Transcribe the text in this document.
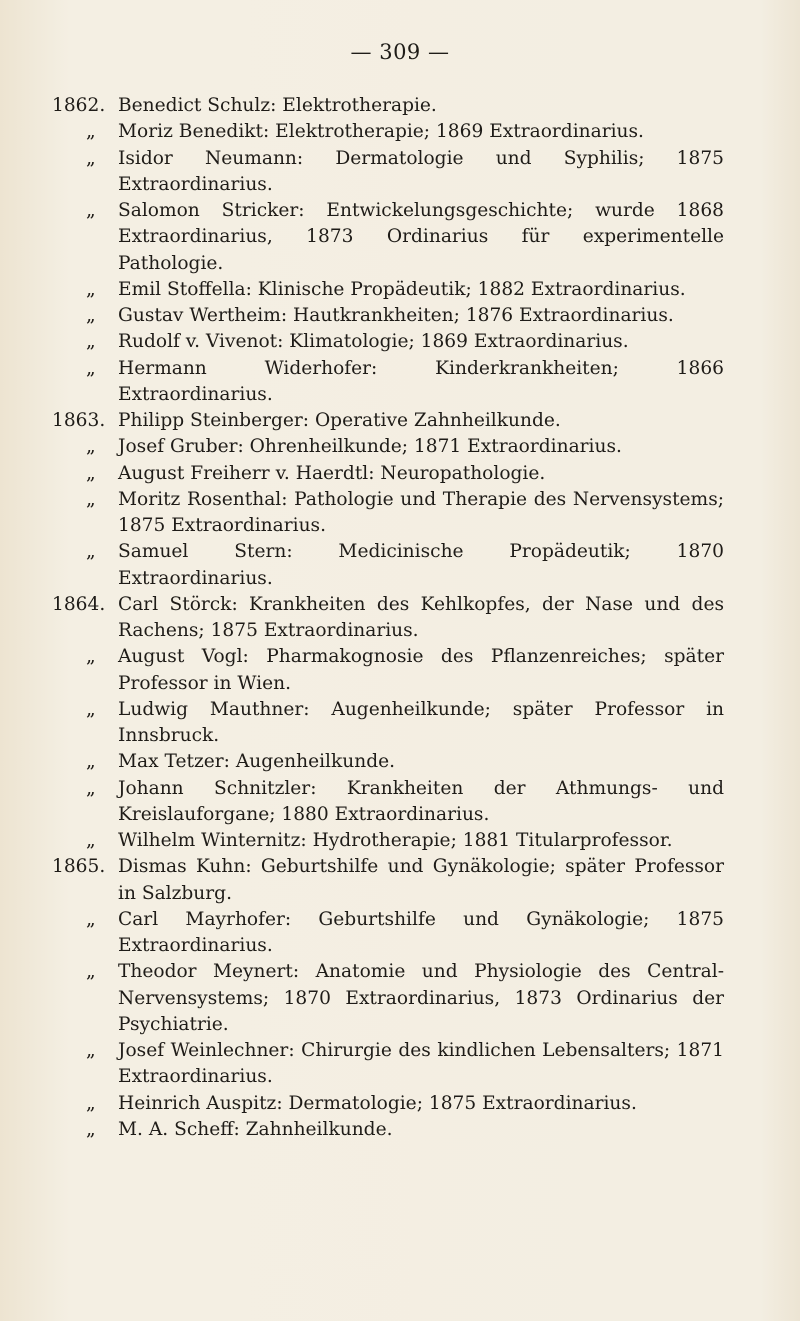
— 309 —
1862. Benedict Schulz: Elektrotherapie.
„	Moriz Benedikt: Elektrotherapie; 1869 Extraordinarius.
„	Isidor Neumann: Dermatologie und Syphilis; 1875 Extraordinarius.
„	Salomon Stricker: Entwickelungsgeschichte; wurde 1868 Extraordinarius, 1873 Ordinarius für experimentelle Pathologie.
„	Emil Stoffella: Klinische Propädeutik; 1882 Extraordinarius.
„	Gustav Wertheim: Hautkrankheiten; 1876 Extraordinarius.
„	Rudolf v. Vivenot: Klimatologie; 1869 Extraordinarius.
„	Hermann Widerhofer: Kinderkrankheiten; 1866 Extraordinarius.
1863. Philipp Steinberger: Operative Zahnheilkunde.
„	Josef Gruber: Ohrenheilkunde; 1871 Extraordinarius.
„	August Freiherr v. Haerdtl: Neuropathologie.
„	Moritz Rosenthal: Pathologie und Therapie des Nervensystems; 1875 Extraordinarius.
„	Samuel Stern: Medicinische Propädeutik; 1870 Extraordinarius.
1864. Carl Störck: Krankheiten des Kehlkopfes, der Nase und des Rachens; 1875 Extraordinarius.
„	August Vogl: Pharmakognosie des Pflanzenreiches; später Professor in Wien.
„	Ludwig Mauthner: Augenheilkunde; später Professor in Innsbruck.
„	Max Tetzer: Augenheilkunde.
„	Johann Schnitzler: Krankheiten der Athmungs- und Kreislauforgane; 1880 Extraordinarius.
„	Wilhelm Winternitz: Hydrotherapie; 1881 Titularprofessor.
1865. Dismas Kuhn: Geburtshilfe und Gynäkologie; später Professor in Salzburg.
„	Carl Mayrhofer: Geburtshilfe und Gynäkologie; 1875 Extraordinarius.
„	Theodor Meynert: Anatomie und Physiologie des Central-Nervensystems; 1870 Extraordinarius, 1873 Ordinarius der Psychiatrie.
„	Josef Weinlechner: Chirurgie des kindlichen Lebensalters; 1871 Extraordinarius.
„	Heinrich Auspitz: Dermatologie; 1875 Extraordinarius.
„	M. A. Scheff: Zahnheilkunde.
